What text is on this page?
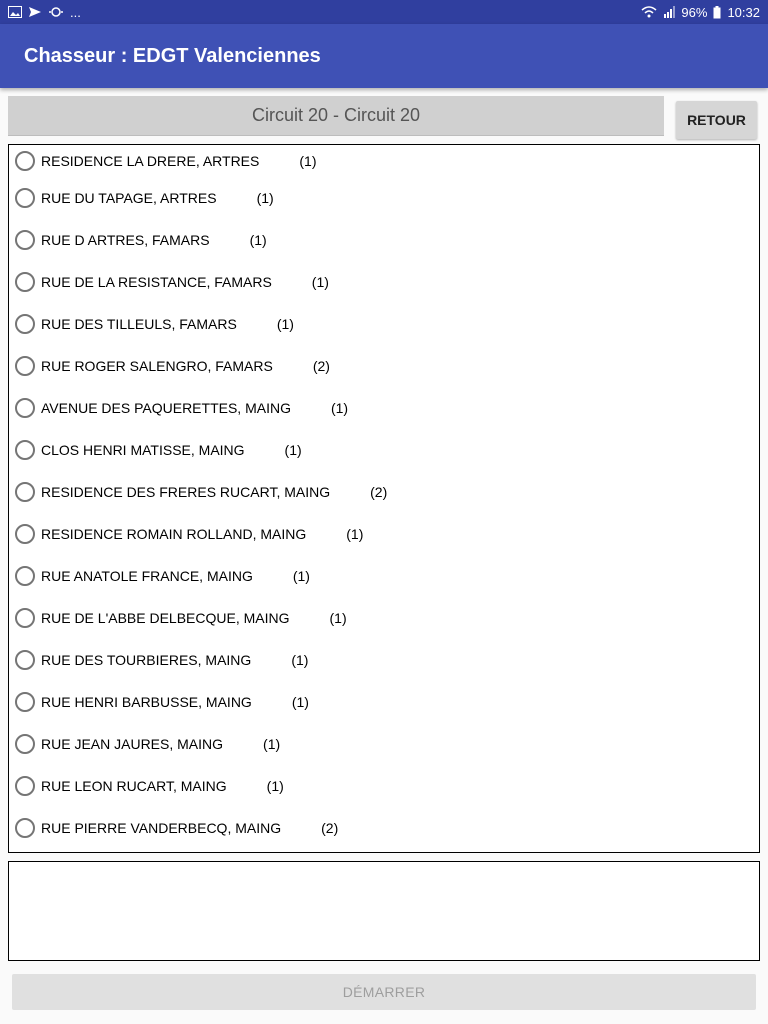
...	96% 10:32
Chasseur : EDGT Valenciennes
Circuit 20 - Circuit 20	RETOUR
RESIDENCE LA DRERE, ARTRES	(1)
RUE DU TAPAGE, ARTRES	(1)
RUE D ARTRES, FAMARS	(1)
RUE DE LA RESISTANCE, FAMARS	(1)
RUE DES TILLEULS, FAMARS	(1)
RUE ROGER SALENGRO, FAMARS	(2)
AVENUE DES PAQUERETTES, MAING	(1)
CLOS HENRI MATISSE, MAING	(1)
RESIDENCE DES FRERES RUCART, MAING	(2)
RESIDENCE ROMAIN ROLLAND, MAING	(1)
RUE ANATOLE FRANCE, MAING	(1)
RUE DE L'ABBE DELBECQUE, MAING	(1)
RUE DES TOURBIERES, MAING	(1)
RUE HENRI BARBUSSE, MAING	(1)
RUE JEAN JAURES, MAING	(1)
RUE LEON RUCART, MAING	(1)
RUE PIERRE VANDERBECQ, MAING	(2)
DÉMARRER
